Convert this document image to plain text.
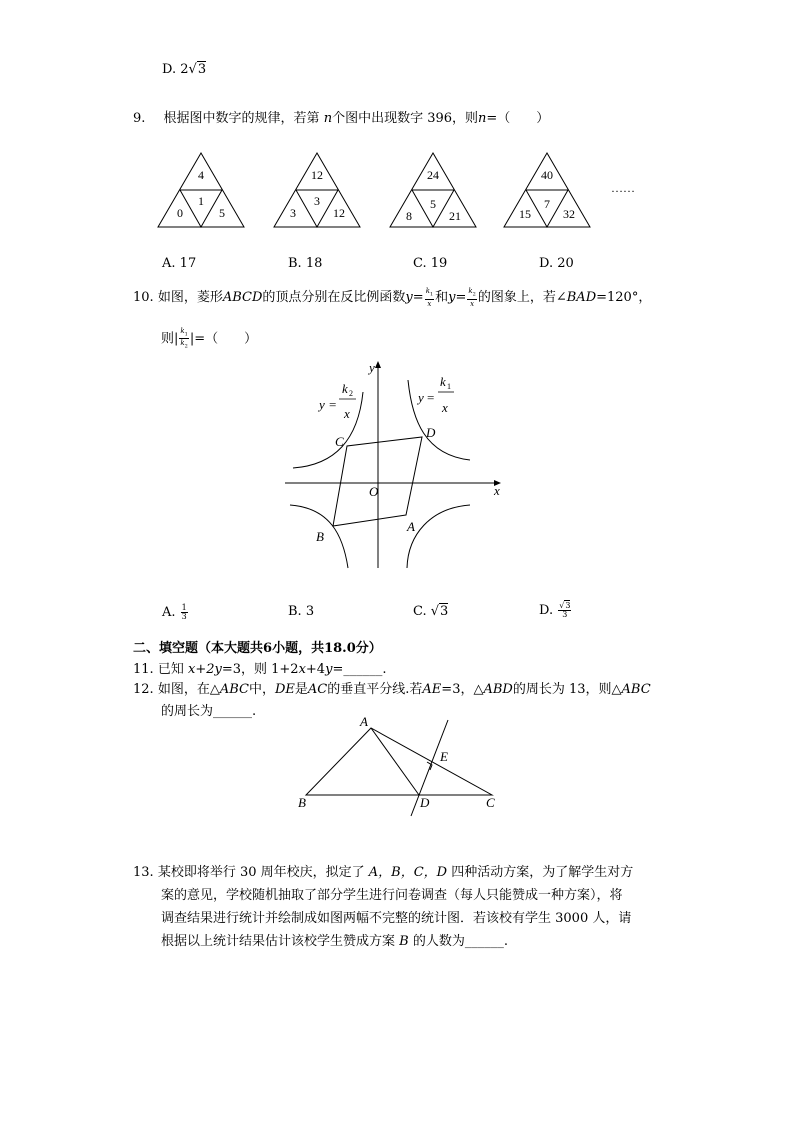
D. 2√3
9. 根据图中数字的规律，若第 n个图中出现数字 396，则n=（　　）
4
0
1
5
12
3
3
12
24
8
5
21
40
15
7
32
……
A. 17	B. 18	C. 19	D. 20
10. 如图，菱形ABCD的顶点分别在反比例函数$y= \frac{k_1}{x}$ 和$y= \frac{k_2}{x}$ 的图象上，若∠BAD=120°，
则| $\frac{k_1}{k_2}$ |=（　　）
y
x
O
A
B
C
D
y =
k 2
x
y =
k 1
x
A. $\frac{1}{3}$	B. 3	C. √3	D. $\frac{√3}{3}$
二、填空题（本大题共6小题，共18.0分）
11. 已知 x+2y=3，则 1+2x+4y=______.
12. 如图，在△ABC中，DE是AC的垂直平分线.若AE=3，△ABD的周长为 13，则△ABC
的周长为______.
A
B	C
D
E
13. 某校即将举行 30 周年校庆，拟定了 A，B，C，D 四种活动方案，为了解学生对方
案的意见，学校随机抽取了部分学生进行问卷调查（每人只能赞成一种方案），将
调查结果进行统计并绘制成如图两幅不完整的统计图．若该校有学生 3000 人，请
根据以上统计结果估计该校学生赞成方案 B 的人数为______.
